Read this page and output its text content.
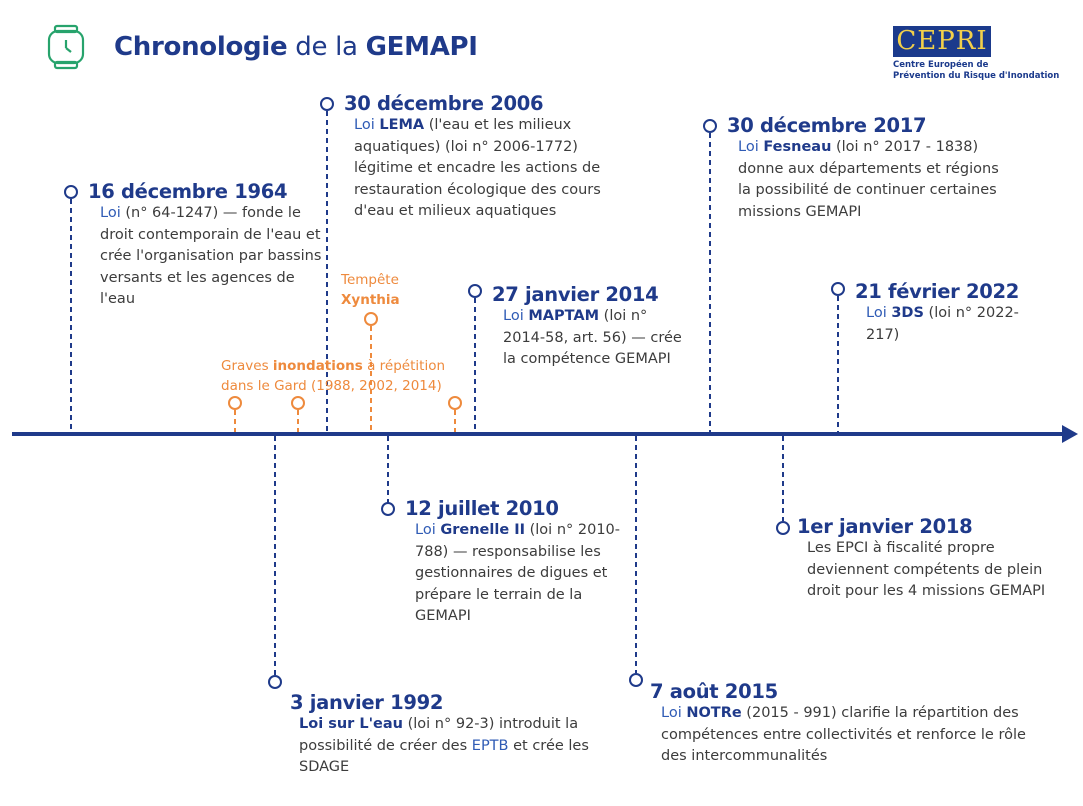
Chronologie de la GEMAPI	CEPRI
Centre Européen de
Prévention du Risque d'Inondation
16 décembre 1964
Loi (n° 64-1247) — fonde le droit contemporain de l'eau et crée l'organisation par bassins versants et les agences de l'eau
30 décembre 2006
Loi LEMA (l'eau et les milieux aquatiques) (loi n° 2006-1772) légitime et encadre les actions de restauration écologique des cours d'eau et milieux aquatiques
30 décembre 2017
Loi Fesneau (loi n° 2017 - 1838) donne aux départements et régions la possibilité de continuer certaines missions GEMAPI
27 janvier 2014
Loi MAPTAM (loi n° 2014-58, art. 56) — crée la compétence GEMAPI
21 février 2022
Loi 3DS (loi n° 2022-217)
12 juillet 2010
Loi Grenelle II (loi n° 2010-788) — responsabilise les gestionnaires de digues et prépare le terrain de la GEMAPI
1er janvier 2018
Les EPCI à fiscalité propre deviennent compétents de plein droit pour les 4 missions GEMAPI
3 janvier 1992
Loi sur L'eau (loi n° 92-3) introduit la possibilité de créer des EPTB et crée les SDAGE
7 août 2015
Loi NOTRe (2015 - 991) clarifie la répartition des compétences entre collectivités et renforce le rôle des intercommunalités
Tempête
Xynthia
Graves inondations à répétition
dans le Gard (1988, 2002, 2014)
